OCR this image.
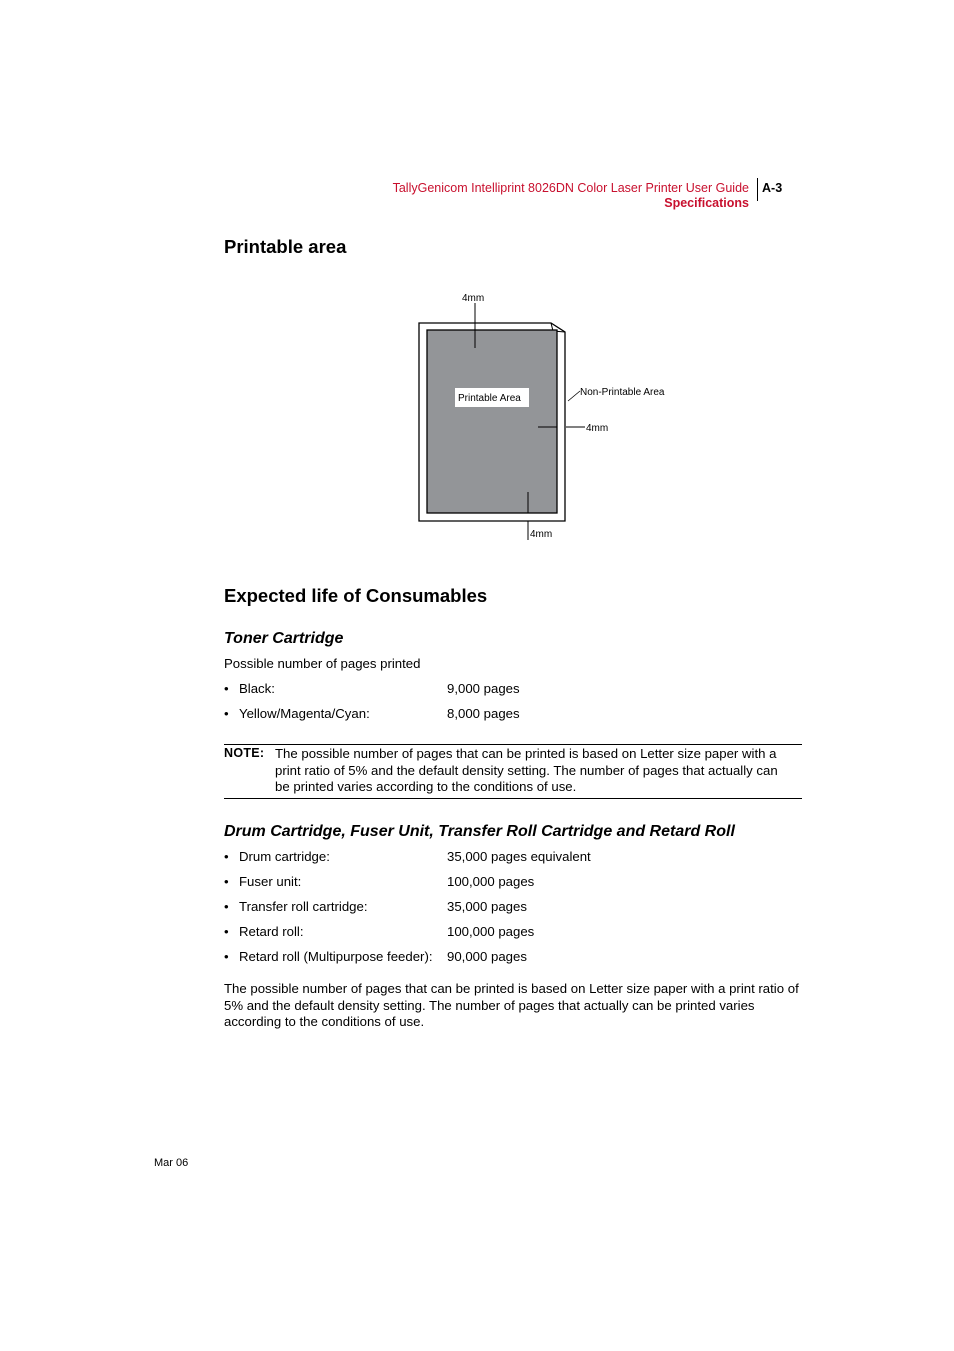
TallyGenicom Intelliprint 8026DN Color Laser Printer User Guide
Specifications
A-3
Printable area
Printable Area
4mm
Non-Printable Area
4mm
4mm
Expected life of Consumables
Toner Cartridge
Possible number of pages printed
• Black:	9,000 pages
• Yellow/Magenta/Cyan:	8,000 pages
NOTE: The possible number of pages that can be printed is based on Letter size paper with a print ratio of 5% and the default density setting. The number of pages that actually can be printed varies according to the conditions of use.
Drum Cartridge, Fuser Unit, Transfer Roll Cartridge and Retard Roll
• Drum cartridge:	35,000 pages equivalent
• Fuser unit:	100,000 pages
• Transfer roll cartridge:	35,000 pages
• Retard roll:	100,000 pages
• Retard roll (Multipurpose feeder): 90,000 pages
The possible number of pages that can be printed is based on Letter size paper with a print ratio of 5% and the default density setting. The number of pages that actually can be printed varies according to the conditions of use.
Mar 06
